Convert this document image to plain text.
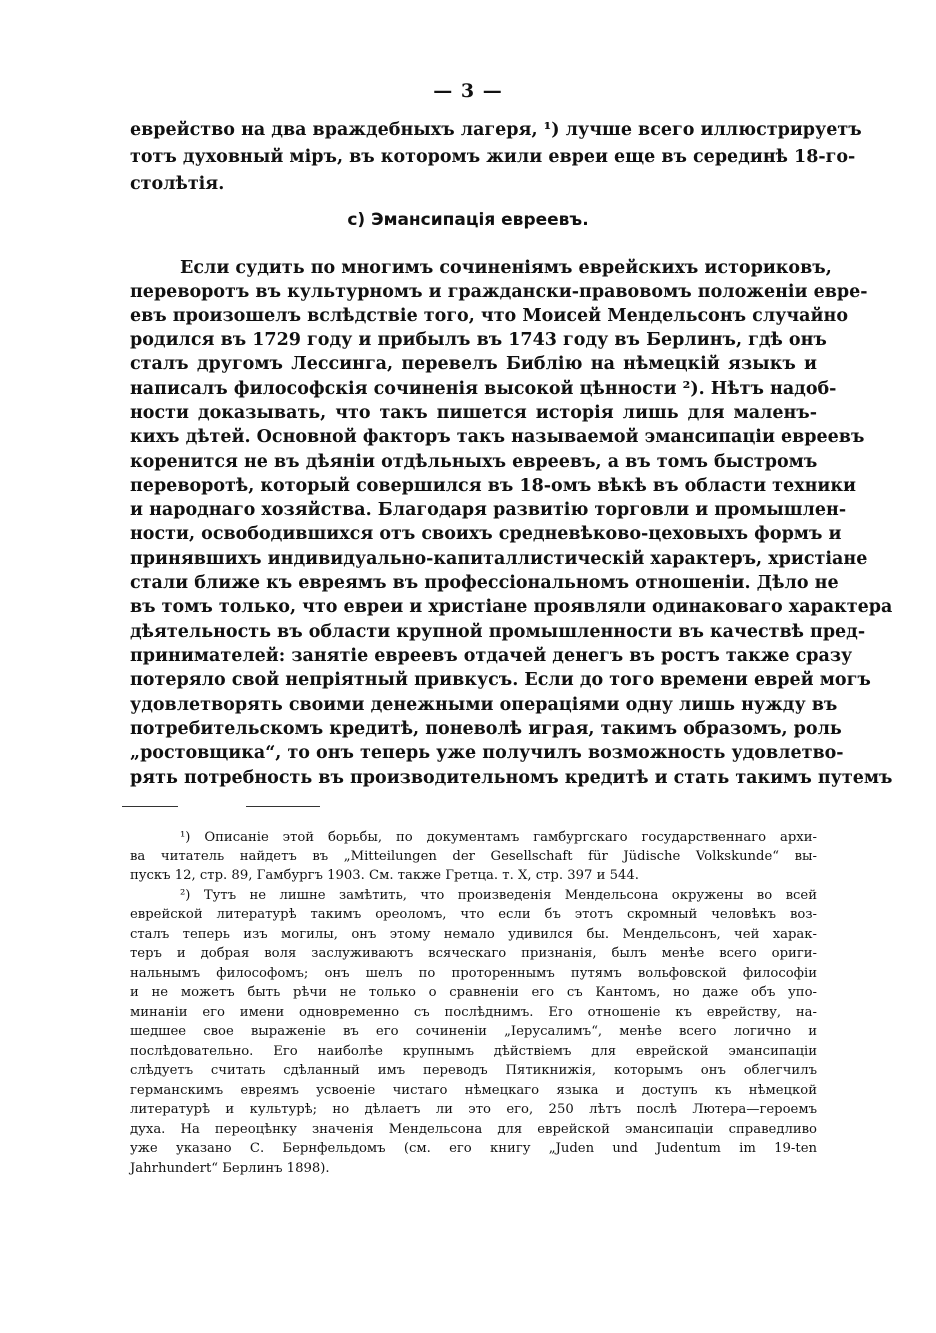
— 3 —
еврейство на два враждебныхъ лагеря, ¹) лучше всего иллюстрируетъ
тотъ духовный міръ, въ которомъ жили евреи еще въ серединѣ 18-го-
столѣтія.
c) Эмансипація евреевъ.
Если судить по многимъ сочиненіямъ еврейскихъ историковъ,
переворотъ въ культурномъ и граждански-правовомъ положеніи евре-
евъ произошелъ вслѣдствіе того, что Моисей Мендельсонъ случайно
родился въ 1729 году и прибылъ въ 1743 году въ Берлинъ, гдѣ онъ
сталъ другомъ Лессинга, перевелъ Библію на нѣмецкій языкъ и
написалъ философскія сочиненія высокой цѣнности ²). Нѣтъ надоб-
ности доказывать, что такъ пишется исторія лишь для маленъ-
кихъ дѣтей. Основной факторъ такъ называемой эмансипаціи евреевъ
коренится не въ дѣяніи отдѣльныхъ евреевъ, а въ томъ быстромъ
переворотѣ, который совершился въ 18-омъ вѣкѣ въ области техники
и народнаго хозяйства. Благодаря развитію торговли и промышлен-
ности, освободившихся отъ своихъ средневѣково-цеховыхъ формъ и
принявшихъ индивидуально-капиталлистическій характеръ, христіане
стали ближе къ евреямъ въ профессіональномъ отношеніи. Дѣло не
въ томъ только, что евреи и христіане проявляли одинаковаго характера
дѣятельность въ области крупной промышленности въ качествѣ пред-
принимателей: занятіе евреевъ отдачей денегъ въ ростъ также сразу
потеряло свой непріятный привкусъ. Если до того времени еврей могъ
удовлетворять своими денежными операціями одну лишь нужду въ
потребительскомъ кредитѣ, поневолѣ играя, такимъ образомъ, роль
„ростовщика“, то онъ теперь уже получилъ возможность удовлетво-
рять потребность въ производительномъ кредитѣ и стать такимъ путемъ
¹) Описаніе этой борьбы, по документамъ гамбургскаго государственнаго архи-
ва читатель найдетъ въ „Mitteilungen der Gesellschaft für Jüdische Volkskunde“ вы-
пускъ 12, стр. 89, Гамбургъ 1903. См. также Гретца. т. X, стр. 397 и 544.
²) Тутъ не лишне замѣтить, что произведенія Мендельсона окружены во всей
еврейской литературѣ такимъ ореоломъ, что если бъ этотъ скромный человѣкъ воз-
сталъ теперь изъ могилы, онъ этому немало удивился бы. Мендельсонъ, чей харак-
теръ и добрая воля заслуживаютъ всяческаго признанія, былъ менѣе всего ориги-
нальнымъ философомъ; онъ шелъ по протореннымъ путямъ вольфовской философіи
и не можетъ быть рѣчи не только о сравненіи его съ Кантомъ, но даже объ упо-
минаніи его имени одновременно съ послѣднимъ. Его отношеніе къ еврейству, на-
шедшее свое выраженіе въ его сочиненіи „Іерусалимъ“, менѣе всего логично и
послѣдовательно. Его наиболѣе крупнымъ дѣйствіемъ для еврейской эмансипаціи
слѣдуетъ считать сдѣланный имъ переводъ Пятикнижія, которымъ онъ облегчилъ
германскимъ евреямъ усвоеніе чистаго нѣмецкаго языка и доступъ къ нѣмецкой
литературѣ и культурѣ; но дѣлаетъ ли это его, 250 лѣтъ послѣ Лютера—героемъ
духа. На переоцѣнку значенія Мендельсона для еврейской эмансипаціи справедливо
уже указано С. Бернфельдомъ (см. его книгу „Juden und Judentum im 19-ten
Jahrhundert“ Берлинъ 1898).
